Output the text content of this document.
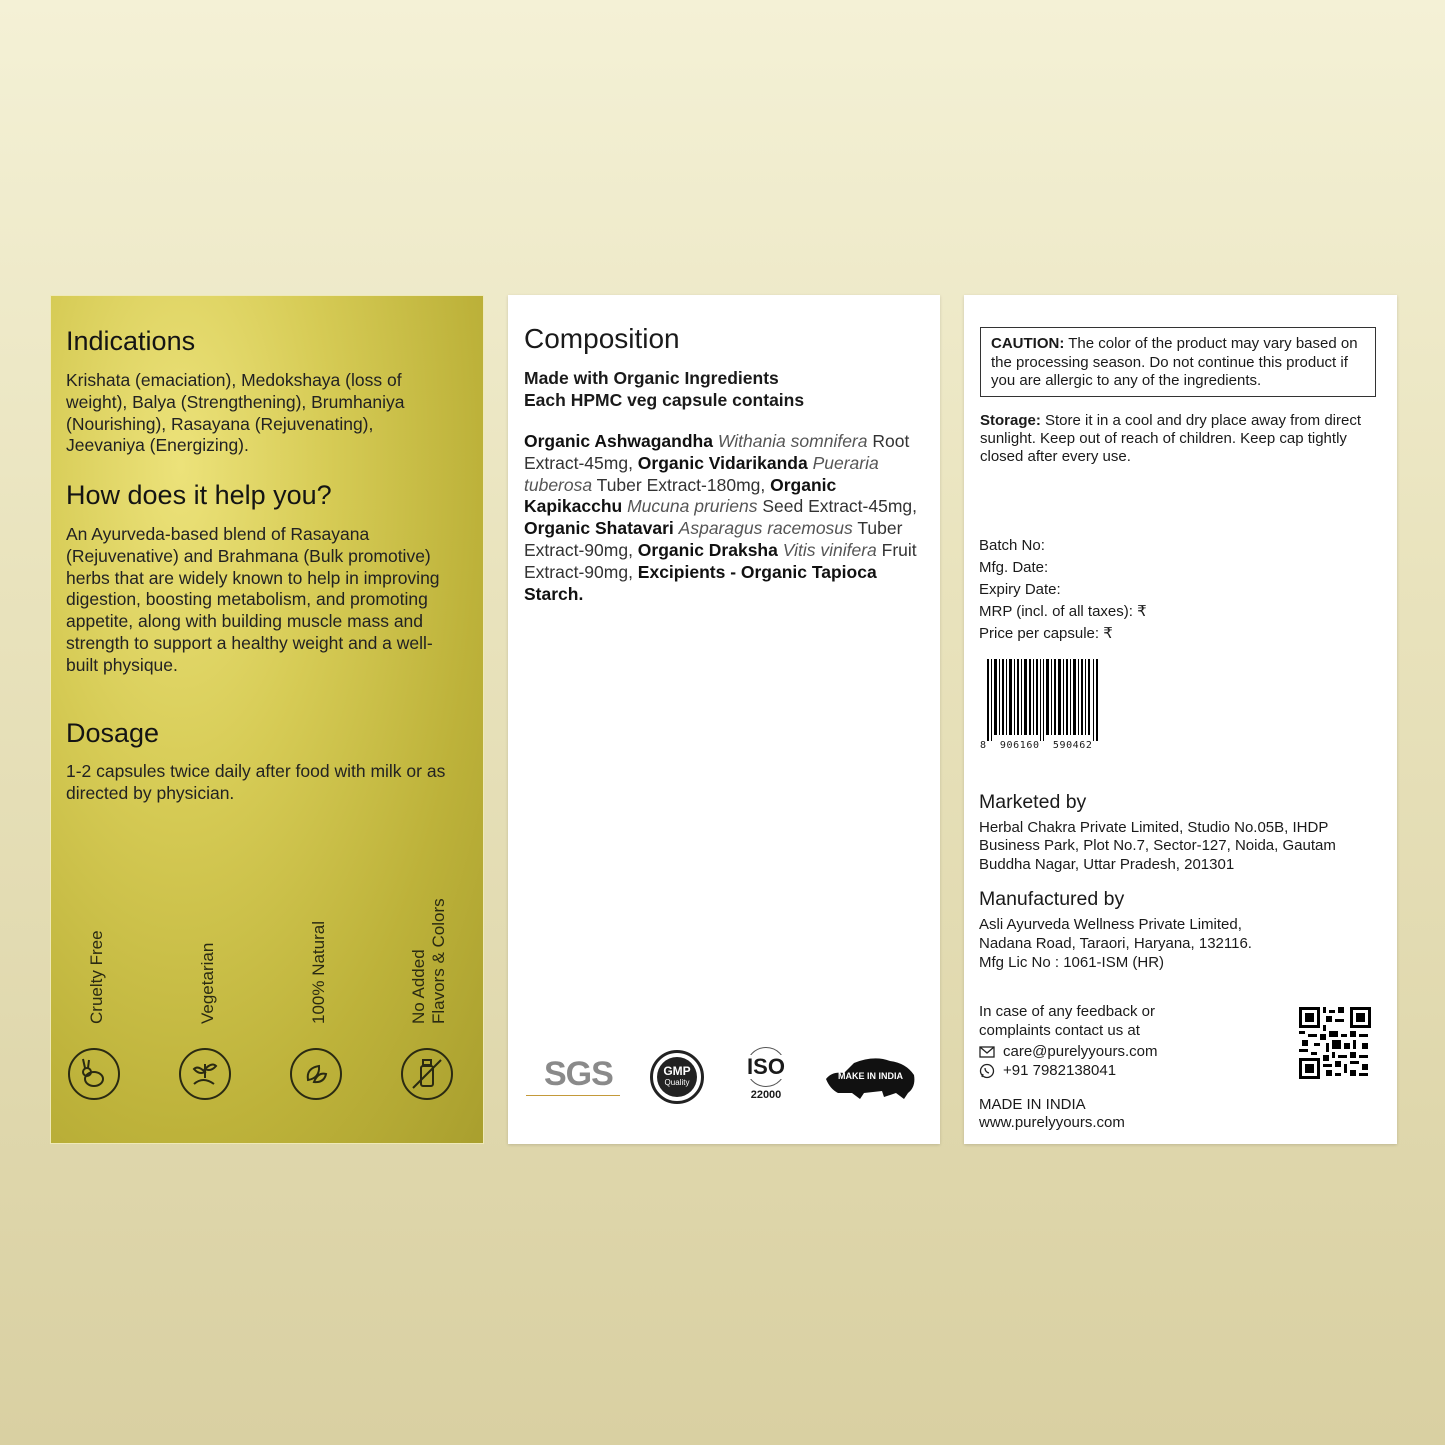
Indications

Krishata (emaciation), Medokshaya (loss of weight), Balya (Strengthening), Brumhaniya (Nourishing), Rasayana (Rejuvenating), Jeevaniya (Energizing).

How does it help you?

An Ayurveda-based blend of Rasayana (Rejuvenative) and Brahmana (Bulk promotive) herbs that are widely known to help in improving digestion, boosting metabolism, and promoting appetite, along with building muscle mass and strength to support a healthy weight and a well-built physique.

Dosage

1-2 capsules twice daily after food with milk or as directed by physician.

Cruelty Free	Vegetarian	100% Natural	No Added Flavors & Colors
Composition
Made with Organic Ingredients
Each HPMC veg capsule contains
Organic Ashwagandha Withania somnifera Root Extract-45mg, Organic Vidarikanda Pueraria tuberosa Tuber Extract-180mg, Organic Kapikacchu Mucuna pruriens Seed Extract-45mg, Organic Shatavari Asparagus racemosus Tuber Extract-90mg, Organic Draksha Vitis vinifera Fruit Extract-90mg, Excipients - Organic Tapioca Starch.
SGS	GMP
Quality
ISO
22000
MAKE IN INDIA
CAUTION: The color of the product may vary based on the processing season. Do not continue this product if you are allergic to any of the ingredients.
Storage: Store it in a cool and dry place away from direct sunlight. Keep out of reach of children. Keep cap tightly closed after every use.
Batch No:
Mfg. Date:
Expiry Date:
MRP (incl. of all taxes): ₹
Price per capsule: ₹
8  906160  590462
Marketed by
Herbal Chakra Private Limited, Studio No.05B, IHDP Business Park, Plot No.7, Sector-127, Noida, Gautam Buddha Nagar, Uttar Pradesh, 201301
Manufactured by
Asli Ayurveda Wellness Private Limited,
Nadana Road, Taraori, Haryana, 132116.
Mfg Lic No : 1061-ISM (HR)
In case of any feedback or complaints contact us at
care@purelyyours.com
+91 7982138041
MADE IN INDIA
www.purelyyours.com
